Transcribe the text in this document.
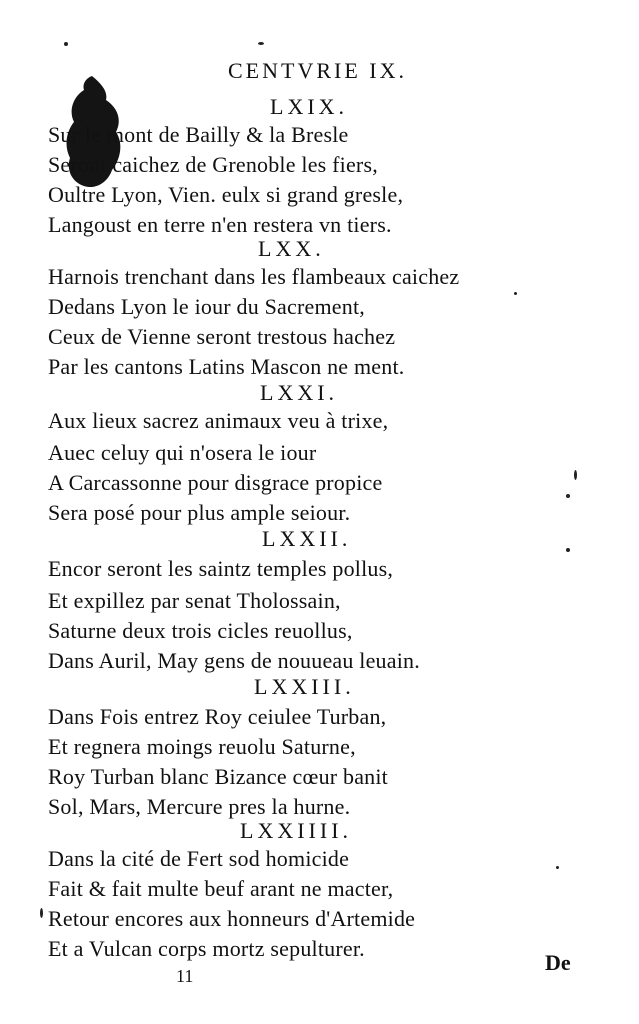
CENTVRIE IX.
LXIX.
Sur le mont de Bailly & la Bresle
Seront caichez de Grenoble les fiers,
Oultre Lyon, Vien. eulx si grand gresle,
Langoust en terre n'en restera vn tiers.
LXX.
Harnois trenchant dans les flambeaux caichez
Dedans Lyon le iour du Sacrement,
Ceux de Vienne seront trestous hachez
Par les cantons Latins Mascon ne ment.
LXXI.
Aux lieux sacrez animaux veu à trixe,
Auec celuy qui n'osera le iour
A Carcassonne pour disgrace propice
Sera posé pour plus ample seiour.
LXXII.
Encor seront les saintz temples pollus,
Et expillez par senat Tholossain,
Saturne deux trois cicles reuollus,
Dans Auril, May gens de nouueau leuain.
LXXIII.
Dans Fois entrez Roy ceiulee Turban,
Et regnera moings reuolu Saturne,
Roy Turban blanc Bizance cœur banit
Sol, Mars, Mercure pres la hurne.
LXXIIII.
Dans la cité de Fert sod homicide
Fait & fait multe beuf arant ne macter,
Retour encores aux honneurs d'Artemide
Et a Vulcan corps mortz sepulturer.
11
De
